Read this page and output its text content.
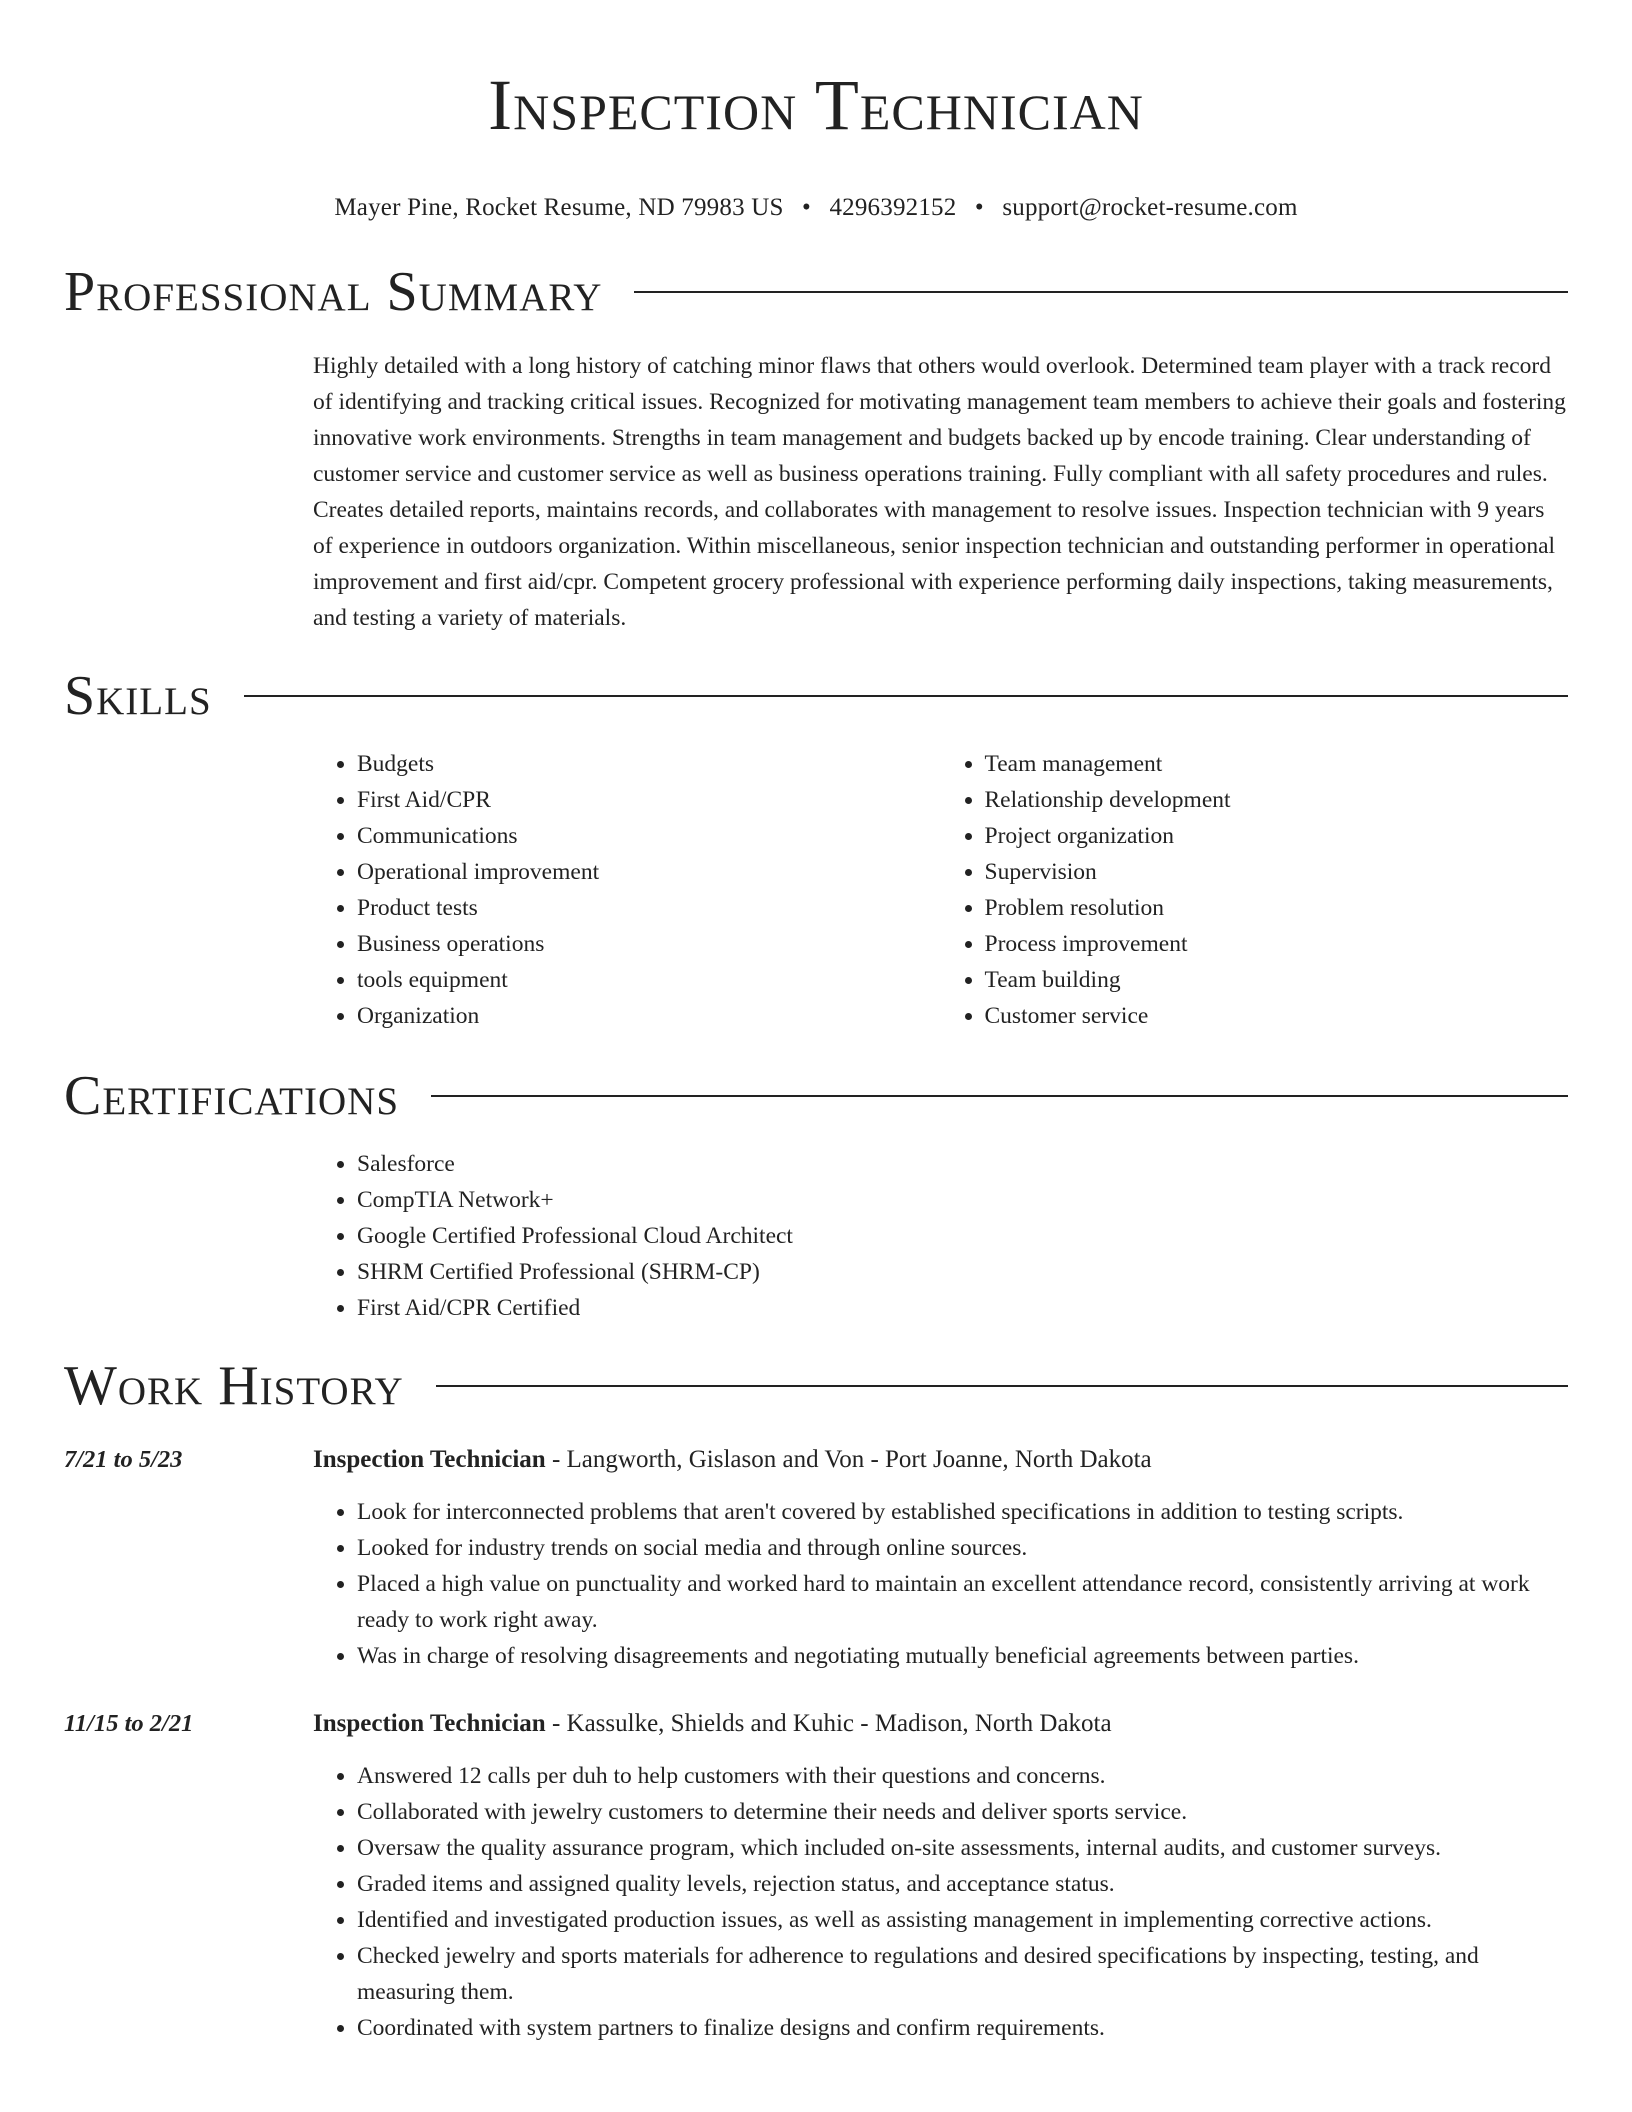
Inspection Technician
Mayer Pine, Rocket Resume, ND 79983 US • 4296392152 • support@rocket-resume.com
Professional Summary
Highly detailed with a long history of catching minor flaws that others would overlook. Determined team player with a track record of identifying and tracking critical issues. Recognized for motivating management team members to achieve their goals and fostering innovative work environments. Strengths in team management and budgets backed up by encode training. Clear understanding of customer service and customer service as well as business operations training. Fully compliant with all safety procedures and rules. Creates detailed reports, maintains records, and collaborates with management to resolve issues. Inspection technician with 9 years of experience in outdoors organization. Within miscellaneous, senior inspection technician and outstanding performer in operational improvement and first aid/cpr. Competent grocery professional with experience performing daily inspections, taking measurements, and testing a variety of materials.
Skills
• Budgets
• First Aid/CPR
• Communications
• Operational improvement
• Product tests
• Business operations
• tools equipment
• Organization
• Team management
• Relationship development
• Project organization
• Supervision
• Problem resolution
• Process improvement
• Team building
• Customer service
Certifications
• Salesforce
• CompTIA Network+
• Google Certified Professional Cloud Architect
• SHRM Certified Professional (SHRM-CP)
• First Aid/CPR Certified
Work History
7/21 to 5/23	Inspection Technician - Langworth, Gislason and Von - Port Joanne, North Dakota
• Look for interconnected problems that aren't covered by established specifications in addition to testing scripts.
• Looked for industry trends on social media and through online sources.
• Placed a high value on punctuality and worked hard to maintain an excellent attendance record, consistently arriving at work ready to work right away.
• Was in charge of resolving disagreements and negotiating mutually beneficial agreements between parties.
11/15 to 2/21	Inspection Technician - Kassulke, Shields and Kuhic - Madison, North Dakota
• Answered 12 calls per duh to help customers with their questions and concerns.
• Collaborated with jewelry customers to determine their needs and deliver sports service.
• Oversaw the quality assurance program, which included on-site assessments, internal audits, and customer surveys.
• Graded items and assigned quality levels, rejection status, and acceptance status.
• Identified and investigated production issues, as well as assisting management in implementing corrective actions.
• Checked jewelry and sports materials for adherence to regulations and desired specifications by inspecting, testing, and measuring them.
• Coordinated with system partners to finalize designs and confirm requirements.
